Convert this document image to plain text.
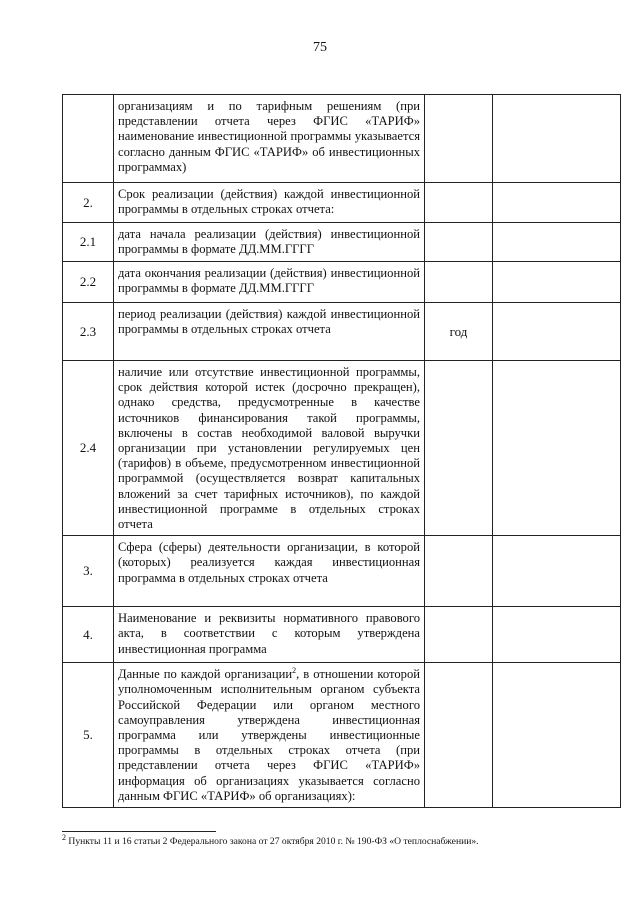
75
	организациям и по тарифным решениям (при представлении отчета через ФГИС «ТАРИФ» наименование инвестиционной программы указывается согласно данным ФГИС «ТАРИФ» об инвестиционных программах)		
2.	Срок реализации (действия) каждой инвестиционной программы в отдельных строках отчета:		
2.1	дата начала реализации (действия) инвестиционной программы в формате ДД.ММ.ГГГГ		
2.2	дата окончания реализации (действия) инвестиционной программы в формате ДД.ММ.ГГГГ		
2.3	период реализации (действия) каждой инвестиционной программы в отдельных строках отчета	год	
2.4	наличие или отсутствие инвестиционной программы, срок действия которой истек (досрочно прекращен), однако средства, предусмотренные в качестве источников финансирования такой программы, включены в состав необходимой валовой выручки организации при установлении регулируемых цен (тарифов) в объеме, предусмотренном инвестиционной программой (осуществляется возврат капитальных вложений за счет тарифных источников), по каждой инвестиционной программе в отдельных строках отчета		
3.	Сфера (сферы) деятельности организации, в которой (которых) реализуется каждая инвестиционная программа в отдельных строках отчета		
4.	Наименование и реквизиты нормативного правового акта, в соответствии с которым утверждена инвестиционная программа		
5.	Данные по каждой организации$^2$, в отношении которой уполномоченным исполнительным органом субъекта Российской Федерации или органом местного самоуправления утверждена инвестиционная программа или утверждены инвестиционные программы в отдельных строках отчета (при представлении отчета через ФГИС «ТАРИФ» информация об организациях указывается согласно данным ФГИС «ТАРИФ» об организациях):		
$^2$ Пункты 11 и 16 статьи 2 Федерального закона от 27 октября 2010 г. № 190-ФЗ «О теплоснабжении».
